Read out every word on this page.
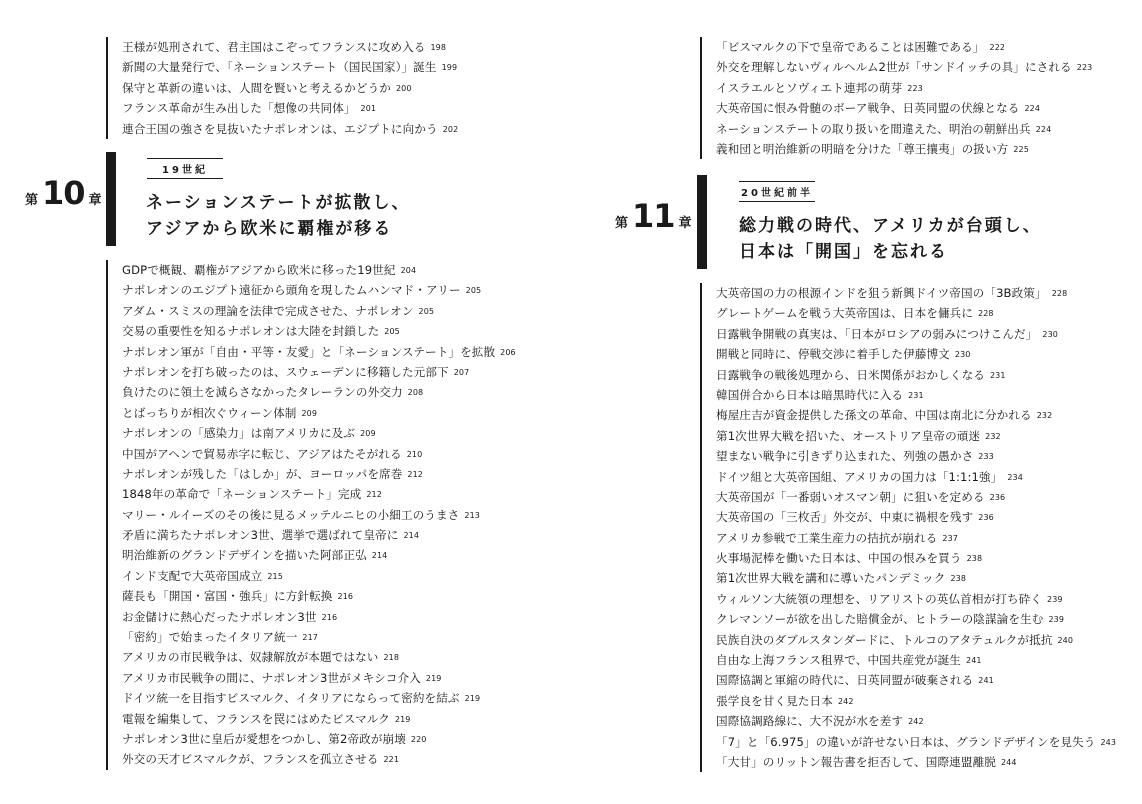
王様が処刑されて、君主国はこぞってフランスに攻め入る 198
新聞の大量発行で、「ネーションステート（国民国家）」誕生 199
保守と革新の違いは、人間を賢いと考えるかどうか 200
フランス革命が生み出した「想像の共同体」 201
連合王国の強さを見抜いたナポレオンは、エジプトに向かう 202
第 10 章
19世紀
ネーションステートが拡散し、
アジアから欧米に覇権が移る
GDPで概観、覇権がアジアから欧米に移った19世紀 204
ナポレオンのエジプト遠征から頭角を現したムハンマド・アリー 205
アダム・スミスの理論を法律で完成させた、ナポレオン 205
交易の重要性を知るナポレオンは大陸を封鎖した 205
ナポレオン軍が「自由・平等・友愛」と「ネーションステート」を拡散 206
ナポレオンを打ち破ったのは、スウェーデンに移籍した元部下 207
負けたのに領土を減らさなかったタレーランの外交力 208
とばっちりが相次ぐウィーン体制 209
ナポレオンの「感染力」は南アメリカに及ぶ 209
中国がアヘンで貿易赤字に転じ、アジアはたそがれる 210
ナポレオンが残した「はしか」が、ヨーロッパを席巻 212
1848年の革命で「ネーションステート」完成 212
マリー・ルイーズのその後に見るメッテルニヒの小細工のうまさ 213
矛盾に満ちたナポレオン3世、選挙で選ばれて皇帝に 214
明治維新のグランドデザインを描いた阿部正弘 214
インド支配で大英帝国成立 215
薩長も「開国・富国・強兵」に方針転換 216
お金儲けに熱心だったナポレオン3世 216
「密約」で始まったイタリア統一 217
アメリカの市民戦争は、奴隷解放が本題ではない 218
アメリカ市民戦争の間に、ナポレオン3世がメキシコ介入 219
ドイツ統一を目指すビスマルク、イタリアにならって密約を結ぶ 219
電報を編集して、フランスを罠にはめたビスマルク 219
ナポレオン3世に皇后が愛想をつかし、第2帝政が崩壊 220
外交の天才ビスマルクが、フランスを孤立させる 221
「ビスマルクの下で皇帝であることは困難である」 222
外交を理解しないヴィルヘルム2世が「サンドイッチの具」にされる 223
イスラエルとソヴィエト連邦の萌芽 223
大英帝国に恨み骨髄のボーア戦争、日英同盟の伏線となる 224
ネーションステートの取り扱いを間違えた、明治の朝鮮出兵 224
義和団と明治維新の明暗を分けた「尊王攘夷」の扱い方 225
第 11 章
20世紀前半
総力戦の時代、アメリカが台頭し、
日本は「開国」を忘れる
大英帝国の力の根源インドを狙う新興ドイツ帝国の「3B政策」 228
グレートゲームを戦う大英帝国は、日本を傭兵に 228
日露戦争開戦の真実は、「日本がロシアの弱みにつけこんだ」 230
開戦と同時に、停戦交渉に着手した伊藤博文 230
日露戦争の戦後処理から、日米関係がおかしくなる 231
韓国併合から日本は暗黒時代に入る 231
梅屋庄吉が資金提供した孫文の革命、中国は南北に分かれる 232
第1次世界大戦を招いた、オーストリア皇帝の頑迷 232
望まない戦争に引きずり込まれた、列強の愚かさ 233
ドイツ組と大英帝国組、アメリカの国力は「1:1:1強」 234
大英帝国が「一番弱いオスマン朝」に狙いを定める 236
大英帝国の「三枚舌」外交が、中東に禍根を残す 236
アメリカ参戦で工業生産力の拮抗が崩れる 237
火事場泥棒を働いた日本は、中国の恨みを買う 238
第1次世界大戦を講和に導いたパンデミック 238
ウィルソン大統領の理想を、リアリストの英仏首相が打ち砕く 239
クレマンソーが欲を出した賠償金が、ヒトラーの陰謀論を生む 239
民族自決のダブルスタンダードに、トルコのアタテュルクが抵抗 240
自由な上海フランス租界で、中国共産党が誕生 241
国際協調と軍縮の時代に、日英同盟が破棄される 241
張学良を甘く見た日本 242
国際協調路線に、大不況が水を差す 242
「7」と「6.975」の違いが許せない日本は、グランドデザインを見失う 243
「大甘」のリットン報告書を拒否して、国際連盟離脱 244
